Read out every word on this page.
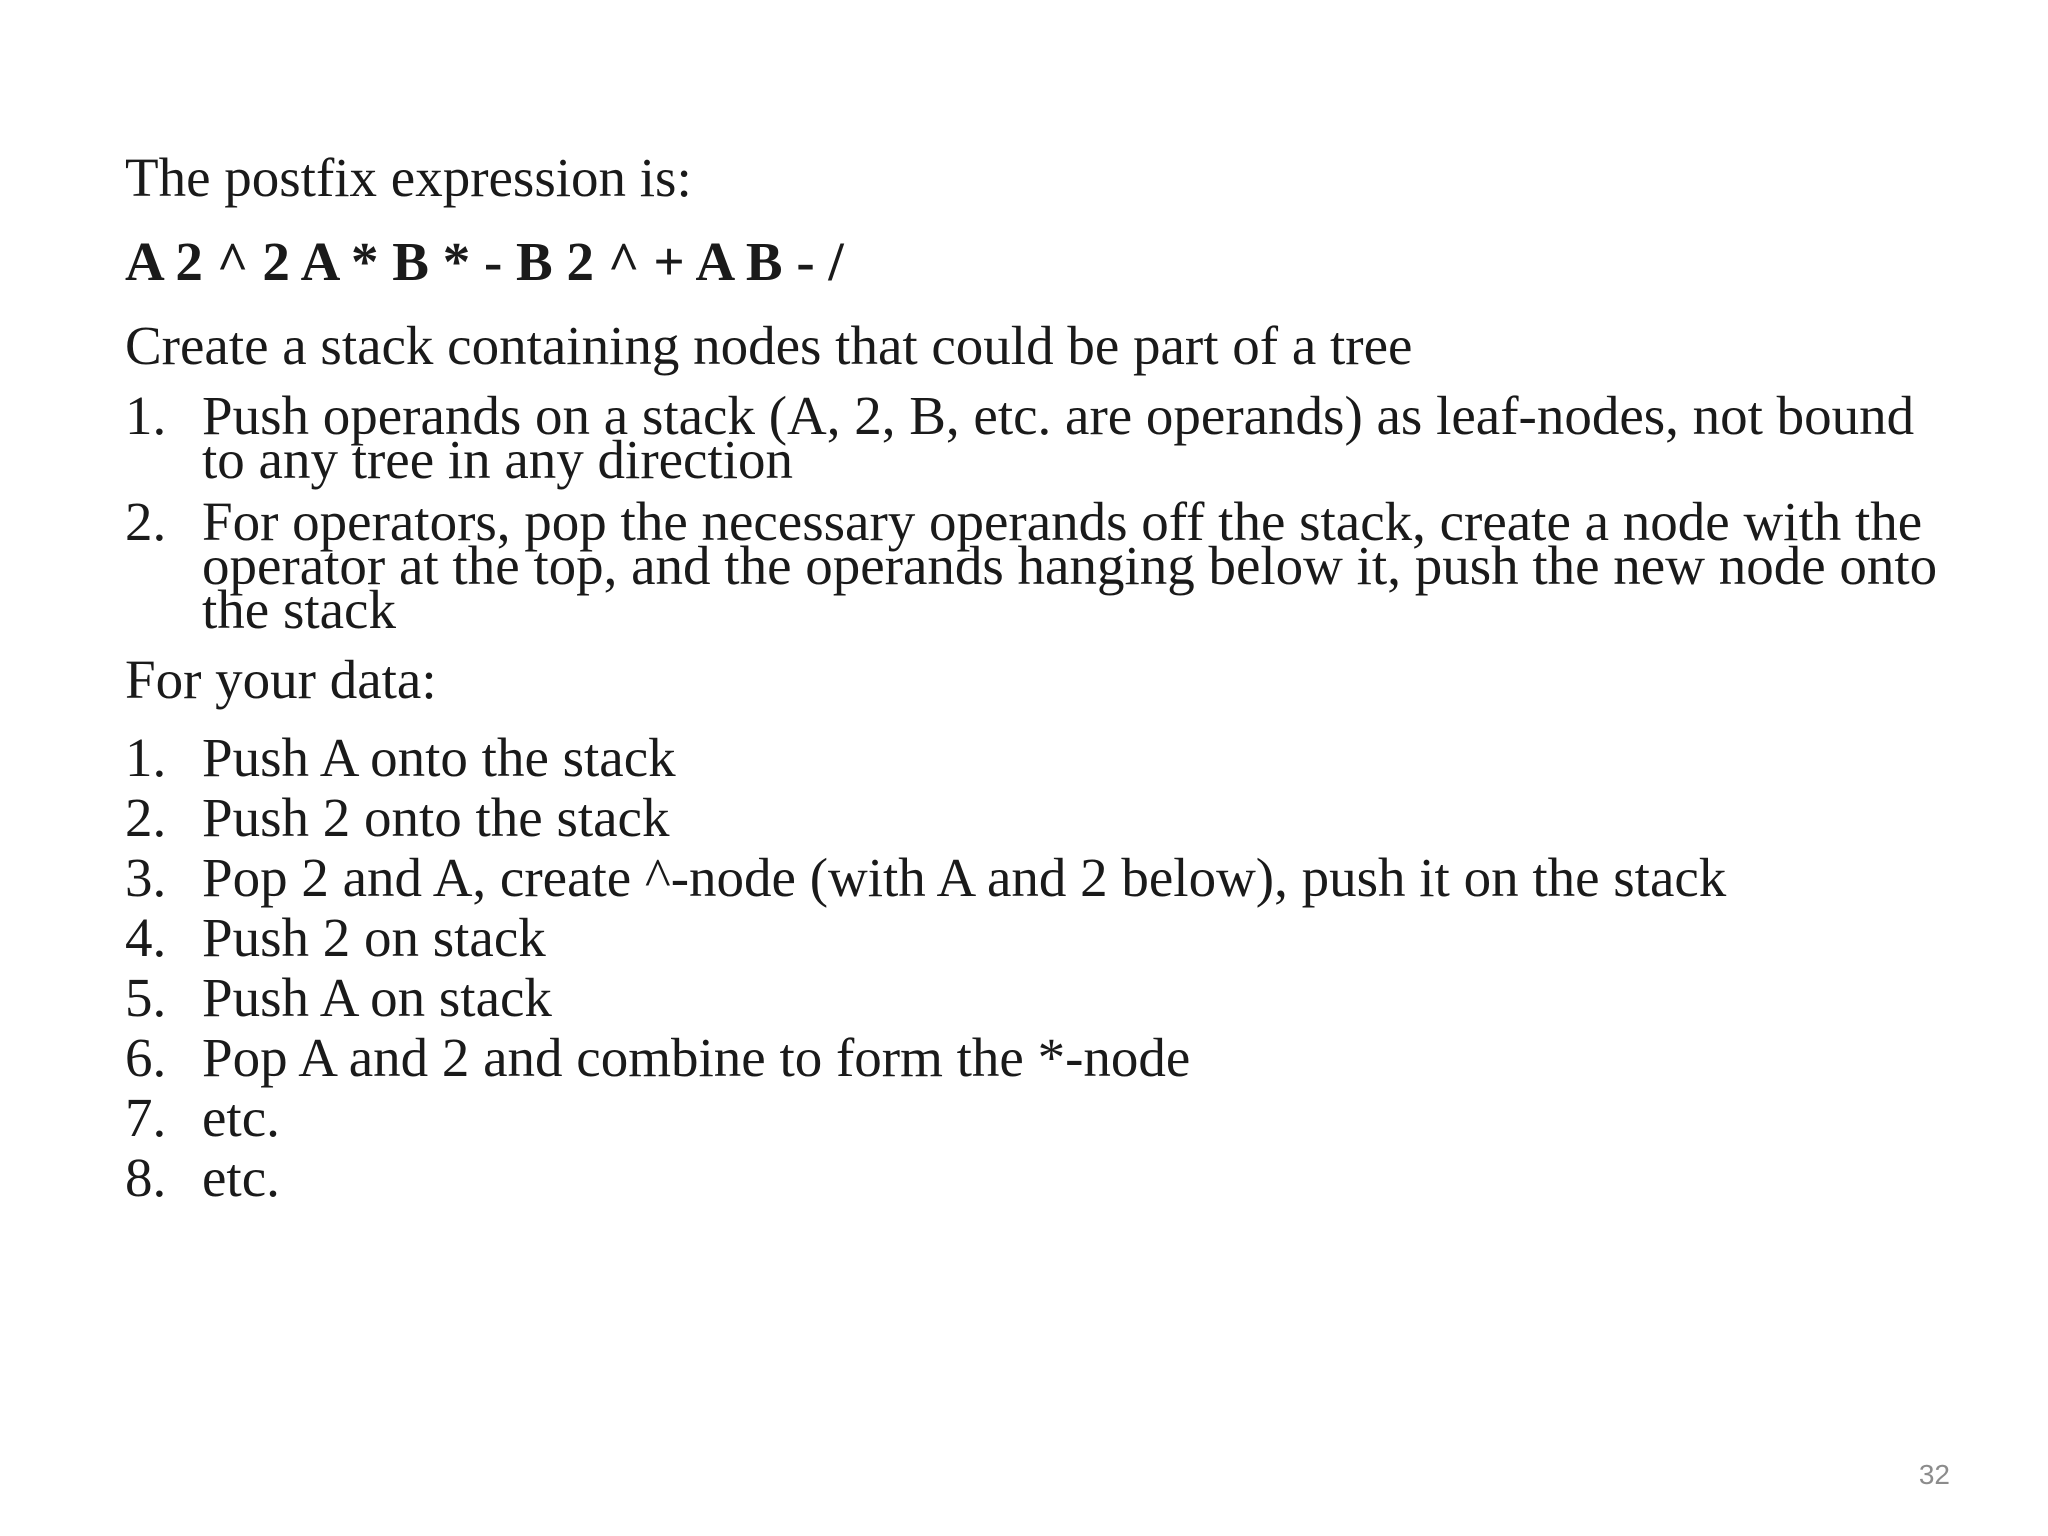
The postfix expression is:
A 2 ^ 2 A * B * - B 2 ^ + A B - /
Create a stack containing nodes that could be part of a tree
1. Push operands on a stack (A, 2, B, etc. are operands) as leaf-nodes, not bound to any tree in any direction
2. For operators, pop the necessary operands off the stack, create a node with the operator at the top, and the operands hanging below it, push the new node onto the stack
For your data:
1. Push A onto the stack
2. Push 2 onto the stack
3. Pop 2 and A, create ^-node (with A and 2 below), push it on the stack
4. Push 2 on stack
5. Push A on stack
6. Pop A and 2 and combine to form the *-node
7. etc.
8. etc.
32
